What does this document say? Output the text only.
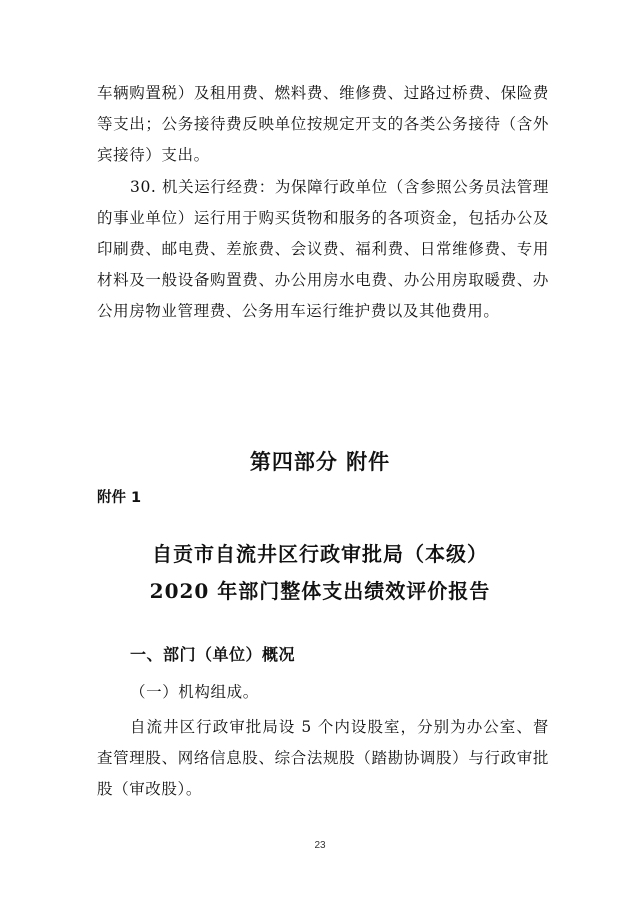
车辆购置税）及租用费、燃料费、维修费、过路过桥费、保险费等支出；公务接待费反映单位按规定开支的各类公务接待（含外宾接待）支出。
30. 机关运行经费：为保障行政单位（含参照公务员法管理的事业单位）运行用于购买货物和服务的各项资金，包括办公及印刷费、邮电费、差旅费、会议费、福利费、日常维修费、专用材料及一般设备购置费、办公用房水电费、办公用房取暖费、办公用房物业管理费、公务用车运行维护费以及其他费用。
第四部分 附件
附件 1
自贡市自流井区行政审批局（本级）
2020 年部门整体支出绩效评价报告
一、部门（单位）概况
（一）机构组成。
自流井区行政审批局设 5 个内设股室，分别为办公室、督查管理股、网络信息股、综合法规股（踏勘协调股）与行政审批股（审改股）。
23
